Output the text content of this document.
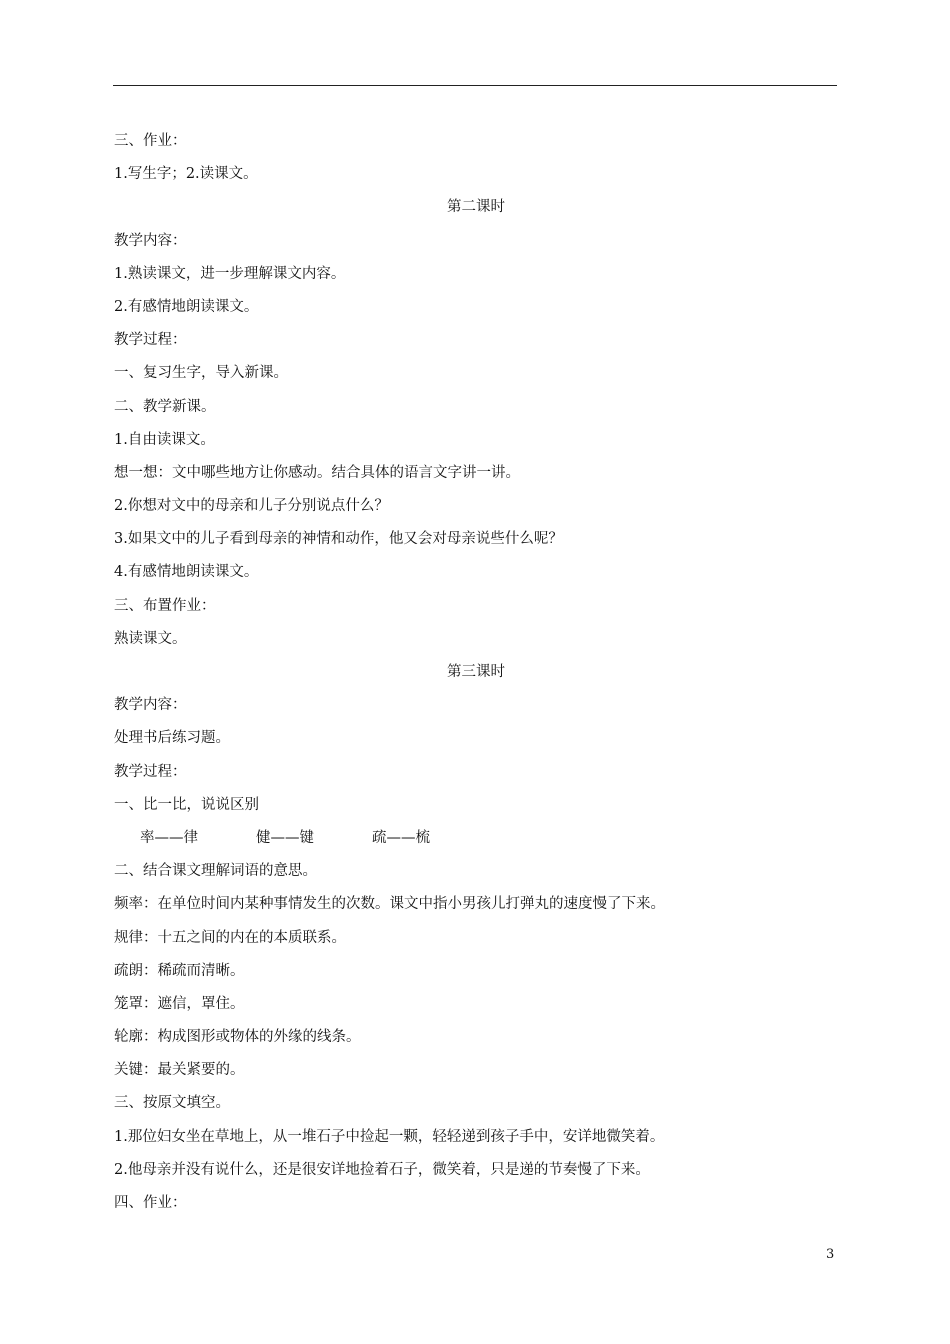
三、作业：
1.写生字；2.读课文。
第二课时
教学内容：
1.熟读课文，进一步理解课文内容。
2.有感情地朗读课文。
教学过程：
一、复习生字，导入新课。
二、教学新课。
1.自由读课文。
想一想：文中哪些地方让你感动。结合具体的语言文字讲一讲。
2.你想对文中的母亲和儿子分别说点什么？
3.如果文中的儿子看到母亲的神情和动作，他又会对母亲说些什么呢？
4.有感情地朗读课文。
三、布置作业：
熟读课文。
第三课时
教学内容：
处理书后练习题。
教学过程：
一、比一比，说说区别
率——律	健——键	疏——梳
二、结合课文理解词语的意思。
频率：在单位时间内某种事情发生的次数。课文中指小男孩儿打弹丸的速度慢了下来。
规律：十五之间的内在的本质联系。
疏朗：稀疏而清晰。
笼罩：遮信，罩住。
轮廓：构成图形或物体的外缘的线条。
关键：最关紧要的。
三、按原文填空。
1.那位妇女坐在草地上，从一堆石子中捡起一颗，轻轻递到孩子手中，安详地微笑着。
2.他母亲并没有说什么，还是很安详地捡着石子，微笑着，只是递的节奏慢了下来。
四、作业：
3
